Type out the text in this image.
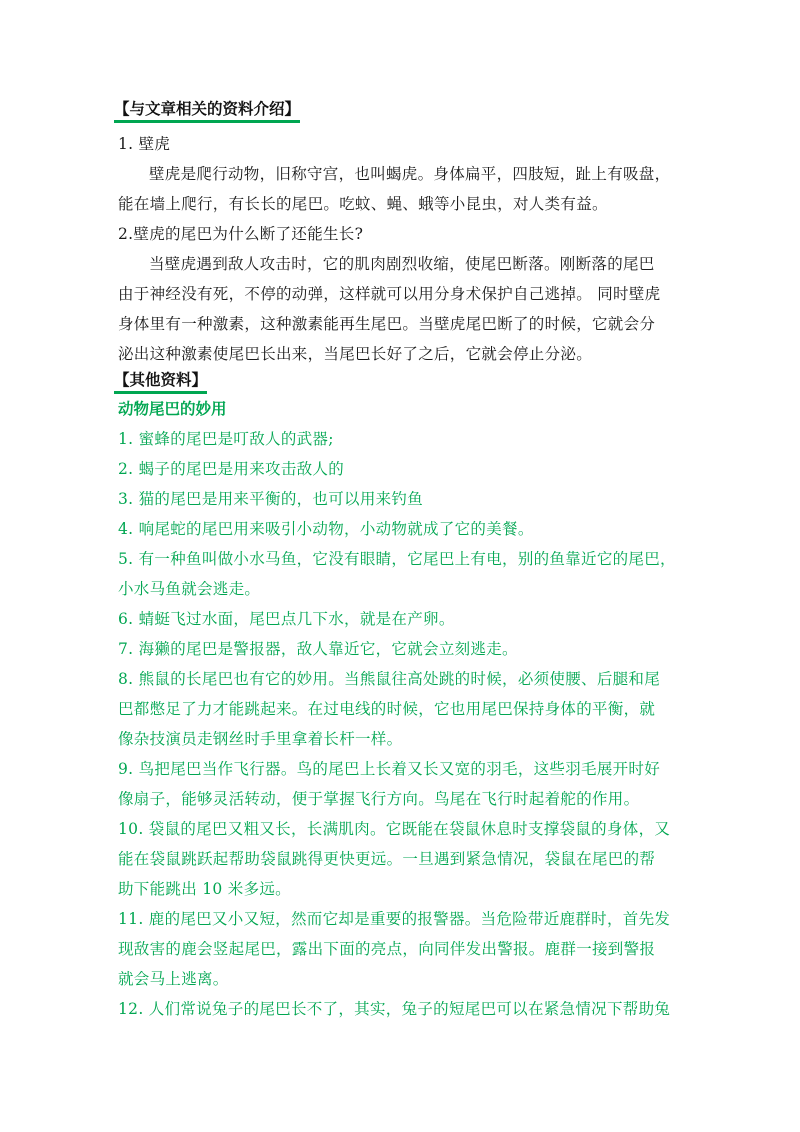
【与文章相关的资料介绍】
1. 壁虎
壁虎是爬行动物，旧称守宫，也叫蝎虎。身体扁平，四肢短，趾上有吸盘，
能在墙上爬行，有长长的尾巴。吃蚊、蝇、蛾等小昆虫，对人类有益。
2.壁虎的尾巴为什么断了还能生长?
当壁虎遇到敌人攻击时，它的肌肉剧烈收缩，使尾巴断落。刚断落的尾巴
由于神经没有死，不停的动弹，这样就可以用分身术保护自己逃掉。 同时壁虎
身体里有一种激素，这种激素能再生尾巴。当壁虎尾巴断了的时候，它就会分
泌出这种激素使尾巴长出来，当尾巴长好了之后，它就会停止分泌。
【其他资料】
动物尾巴的妙用
1. 蜜蜂的尾巴是叮敌人的武器;
2. 蝎子的尾巴是用来攻击敌人的
3. 猫的尾巴是用来平衡的，也可以用来钓鱼
4. 响尾蛇的尾巴用来吸引小动物，小动物就成了它的美餐。
5. 有一种鱼叫做小水马鱼，它没有眼睛，它尾巴上有电，别的鱼靠近它的尾巴，
小水马鱼就会逃走。
6. 蜻蜓飞过水面，尾巴点几下水，就是在产卵。
7. 海獭的尾巴是警报器，敌人靠近它，它就会立刻逃走。
8. 熊鼠的长尾巴也有它的妙用。当熊鼠往高处跳的时候，必须使腰、后腿和尾
巴都憋足了力才能跳起来。在过电线的时候，它也用尾巴保持身体的平衡，就
像杂技演员走钢丝时手里拿着长杆一样。
9. 鸟把尾巴当作飞行器。鸟的尾巴上长着又长又宽的羽毛，这些羽毛展开时好
像扇子，能够灵活转动，便于掌握飞行方向。鸟尾在飞行时起着舵的作用。
10. 袋鼠的尾巴又粗又长，长满肌肉。它既能在袋鼠休息时支撑袋鼠的身体，又
能在袋鼠跳跃起帮助袋鼠跳得更快更远。一旦遇到紧急情况，袋鼠在尾巴的帮
助下能跳出 10 米多远。
11. 鹿的尾巴又小又短，然而它却是重要的报警器。当危险带近鹿群时，首先发
现敌害的鹿会竖起尾巴，露出下面的亮点，向同伴发出警报。鹿群一接到警报
就会马上逃离。
12. 人们常说兔子的尾巴长不了，其实，兔子的短尾巴可以在紧急情况下帮助兔
